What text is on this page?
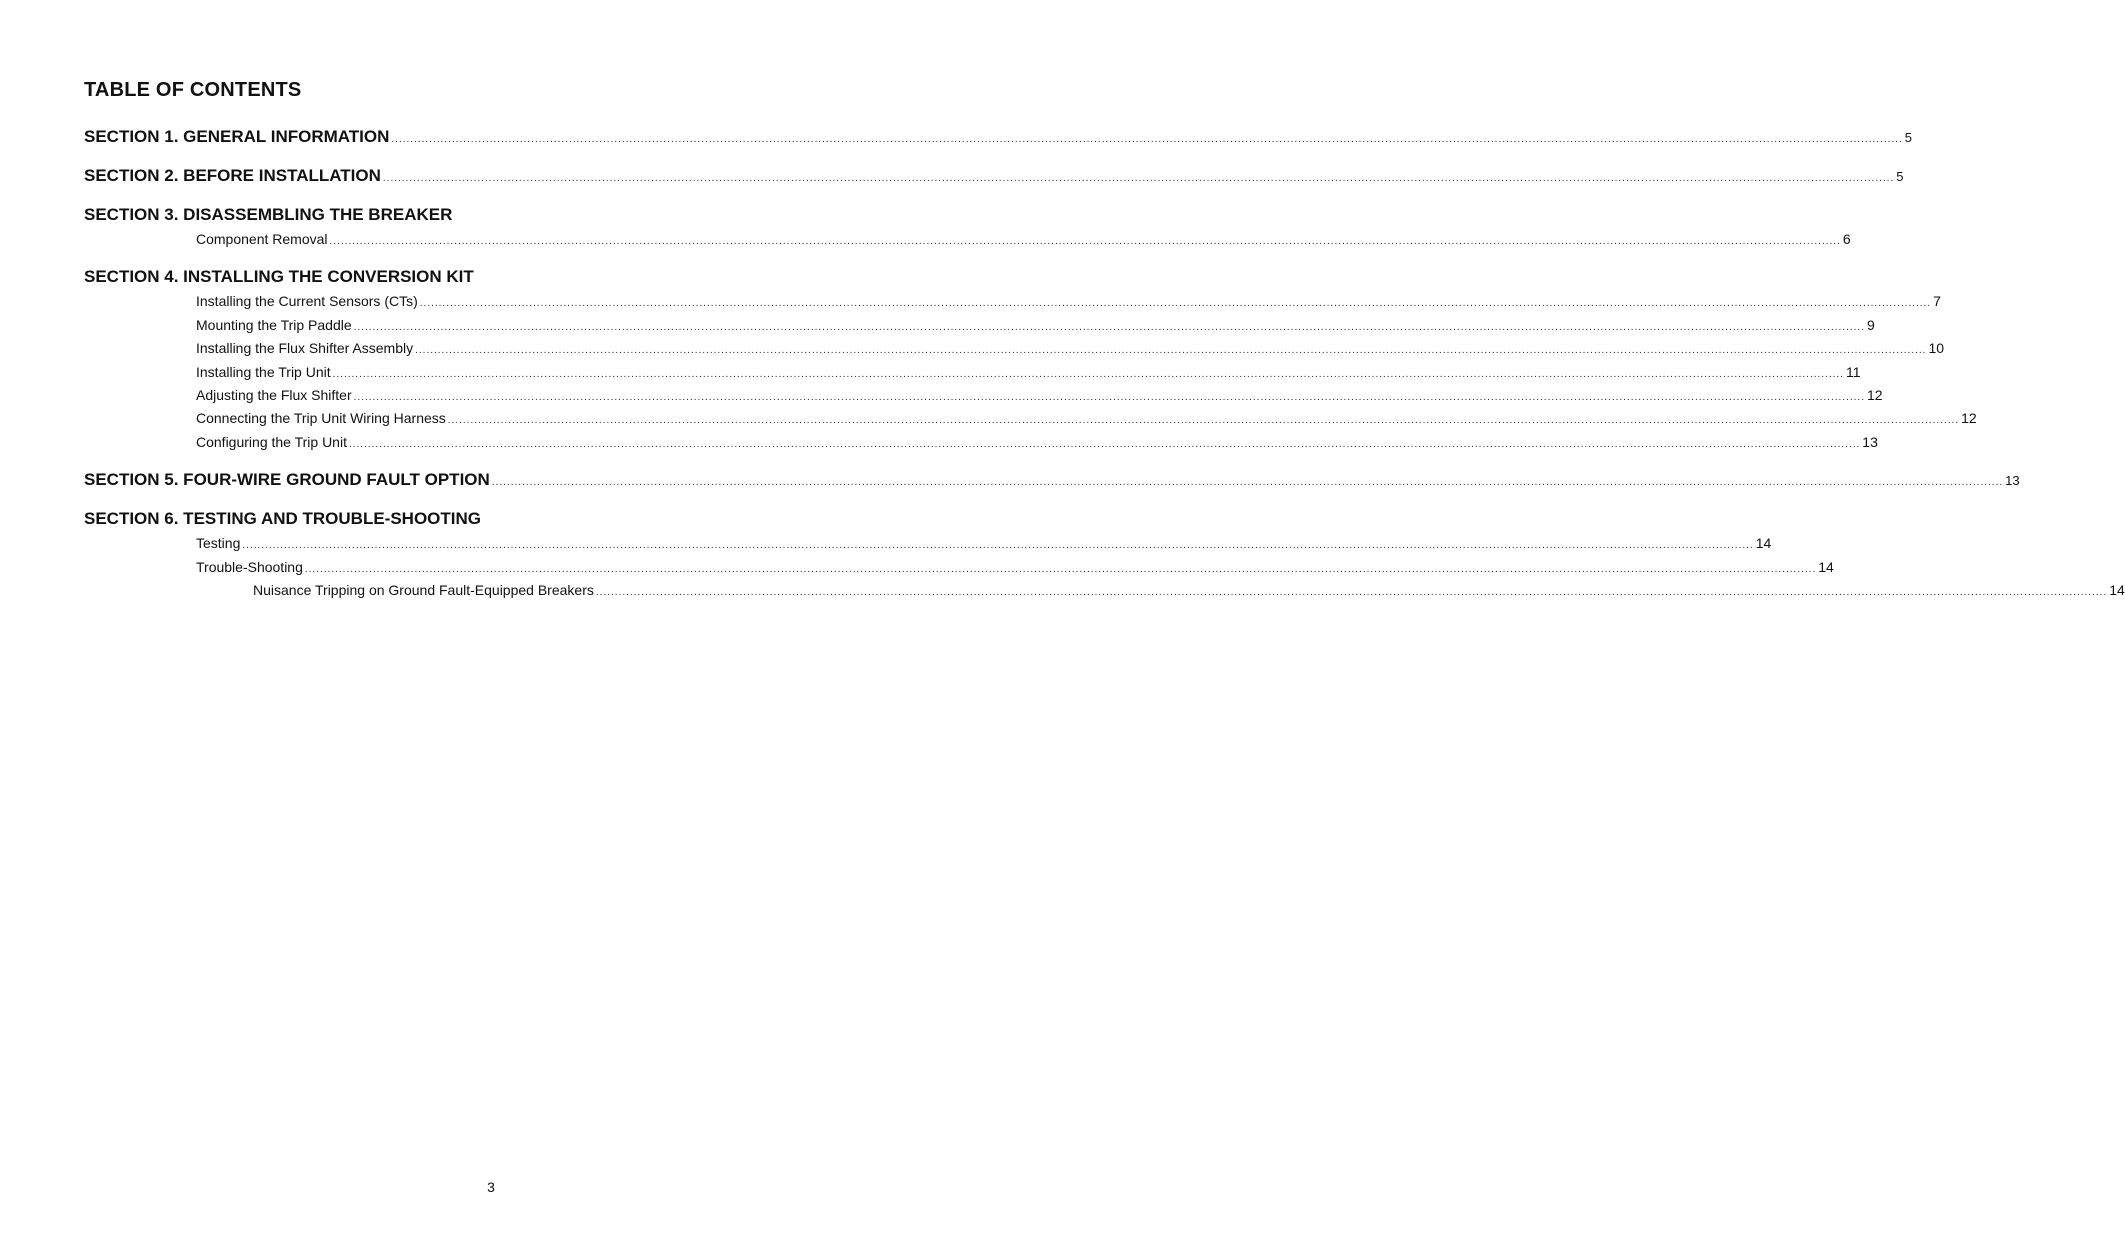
TABLE OF CONTENTS
SECTION 1. GENERAL INFORMATION ................................................................................................................................................................................................................................................................................................................................................................................................................ 5
SECTION 2. BEFORE INSTALLATION ................................................................................................................................................................................................................................................................................................................................................................................................................ 5
SECTION 3. DISASSEMBLING THE BREAKER
Component Removal ................................................................................................................................................................................................................................................................................................................................................................................................................ 6
SECTION 4. INSTALLING THE CONVERSION KIT
Installing the Current Sensors (CTs) ................................................................................................................................................................................................................................................................................................................................................................................................................ 7
Mounting the Trip Paddle ................................................................................................................................................................................................................................................................................................................................................................................................................ 9
Installing the Flux Shifter Assembly ................................................................................................................................................................................................................................................................................................................................................................................................................ 10
Installing the Trip Unit ................................................................................................................................................................................................................................................................................................................................................................................................................ 11
Adjusting the Flux Shifter ................................................................................................................................................................................................................................................................................................................................................................................................................ 12
Connecting the Trip Unit Wiring Harness ................................................................................................................................................................................................................................................................................................................................................................................................................ 12
Configuring the Trip Unit ................................................................................................................................................................................................................................................................................................................................................................................................................ 13
SECTION 5. FOUR-WIRE GROUND FAULT OPTION ................................................................................................................................................................................................................................................................................................................................................................................................................ 13
SECTION 6. TESTING AND TROUBLE-SHOOTING
Testing ................................................................................................................................................................................................................................................................................................................................................................................................................ 14
Trouble-Shooting ................................................................................................................................................................................................................................................................................................................................................................................................................ 14
Nuisance Tripping on Ground Fault-Equipped Breakers ................................................................................................................................................................................................................................................................................................................................................................................................................ 14
3
